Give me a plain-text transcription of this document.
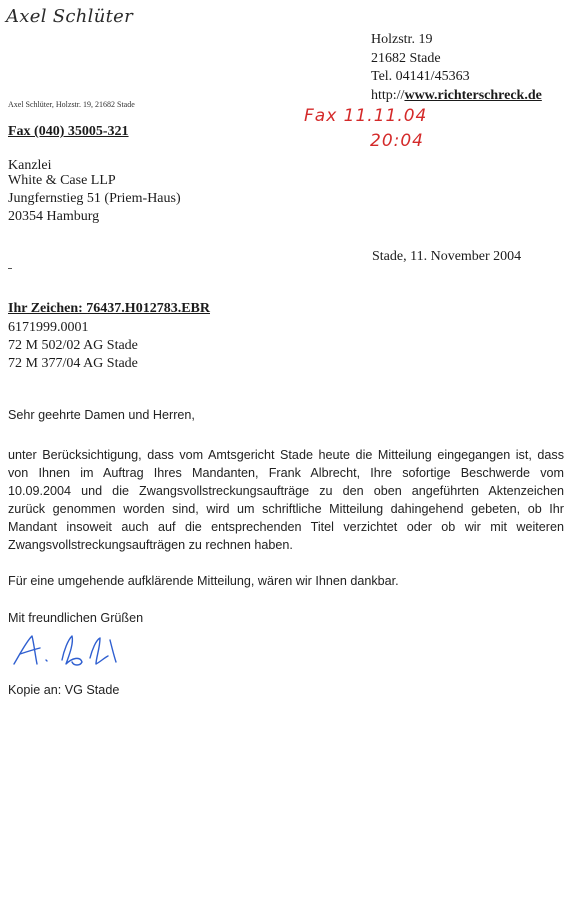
Axel Schlüter
Holzstr. 19
21682 Stade
Tel. 04141/45363
http://www.richterschreck.de
Axel Schlüter, Holzstr. 19, 21682 Stade
Fax (040) 35005-321
Fax 11.11.04
20:04
Kanzlei
White & Case LLP
Jungfernstieg 51 (Priem-Haus)
20354 Hamburg
Stade, 11. November 2004
Ihr Zeichen: 76437.H012783.EBR
6171999.0001
72 M 502/02 AG Stade
72 M 377/04 AG Stade
Sehr geehrte Damen und Herren,
unter Berücksichtigung, dass vom Amtsgericht Stade heute die Mitteilung eingegangen ist, dass
von Ihnen im Auftrag Ihres Mandanten, Frank Albrecht, Ihre sofortige Beschwerde vom
10.09.2004 und die Zwangsvollstreckungsaufträge zu den oben angeführten Aktenzeichen
zurück genommen worden sind, wird um schriftliche Mitteilung dahingehend gebeten, ob Ihr
Mandant insoweit auch auf die entsprechenden Titel verzichtet oder ob wir mit weiteren
Zwangsvollstreckungsaufträgen zu rechnen haben.
Für eine umgehende aufklärende Mitteilung, wären wir Ihnen dankbar.
Mit freundlichen Grüßen
Kopie an: VG Stade
